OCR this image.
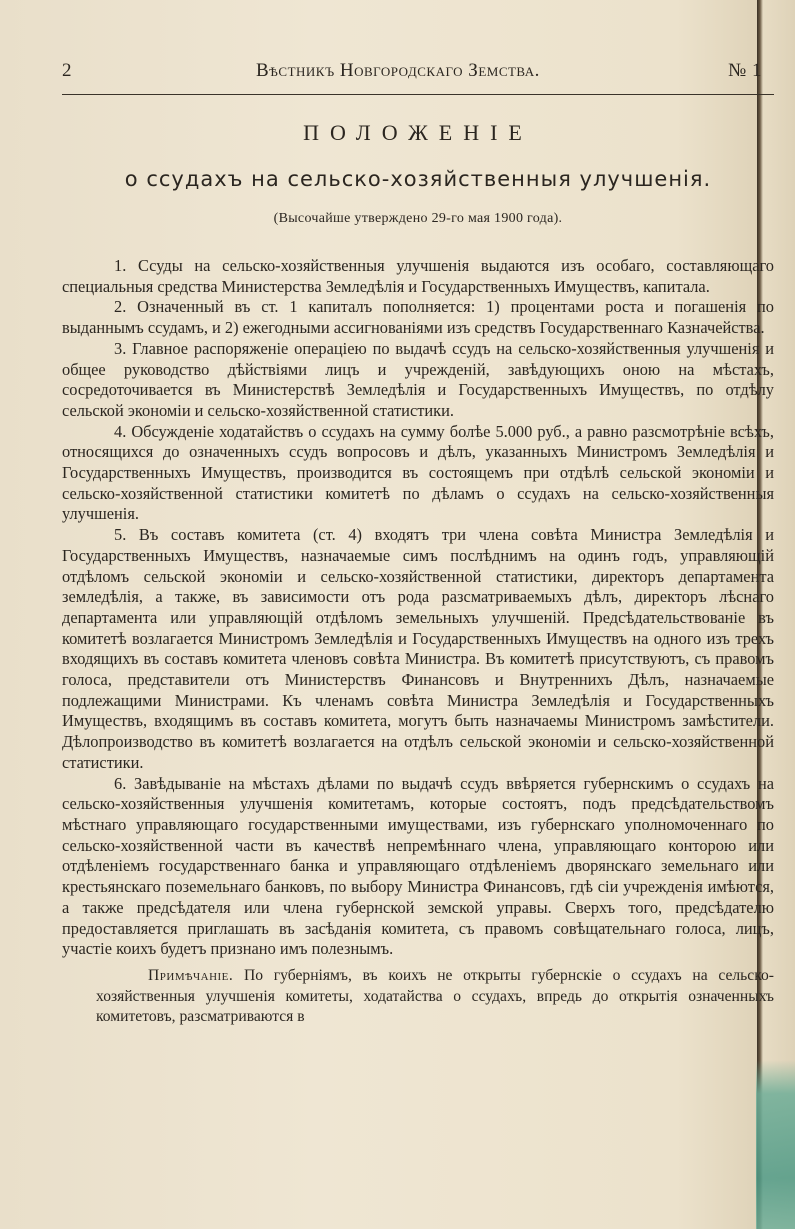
2	Вѣстникъ Новгородскаго Земства.	№ 1
ПОЛОЖЕНІЕ
о ссудахъ на сельско-хозяйственныя улучшенія.
(Высочайше утверждено 29-го мая 1900 года).

1. Ссуды на сельско-хозяйственныя улучшенія выдаются изъ особаго, составляющаго специальныя средства Министерства Земледѣлія и Государственныхъ Имуществъ, капитала.

2. Означенный въ ст. 1 капиталъ пополняется: 1) процентами роста и погашенія по выданнымъ ссудамъ, и 2) ежегодными ассигнованіями изъ средствъ Государственнаго Казначейства.

3. Главное распоряженіе операціею по выдачѣ ссудъ на сельско-хозяйственныя улучшенія и общее руководство дѣйствіями лицъ и учрежденій, завѣдующихъ оною на мѣстахъ, сосредоточивается въ Министерствѣ Земледѣлія и Государственныхъ Имуществъ, по отдѣлу сельской экономіи и сельско-хозяйственной статистики.

4. Обсужденіе ходатайствъ о ссудахъ на сумму болѣе 5.000 руб., а равно разсмотрѣніе всѣхъ, относящихся до означенныхъ ссудъ вопросовъ и дѣлъ, указанныхъ Министромъ Земледѣлія и Государственныхъ Имуществъ, производится въ состоящемъ при отдѣлѣ сельской экономіи и сельско-хозяйственной статистики комитетѣ по дѣламъ о ссудахъ на сельско-хозяйственныя улучшенія.

5. Въ составъ комитета (ст. 4) входятъ три члена совѣта Министра Земледѣлія и Государственныхъ Имуществъ, назначаемые симъ послѣднимъ на одинъ годъ, управляющій отдѣломъ сельской экономіи и сельско-хозяйственной статистики, директоръ департамента земледѣлія, а также, въ зависимости отъ рода разсматриваемыхъ дѣлъ, директоръ лѣснаго департамента или управляющій отдѣломъ земельныхъ улучшеній. Предсѣдательствованіе въ комитетѣ возлагается Министромъ Земледѣлія и Государственныхъ Имуществъ на одного изъ трехъ входящихъ въ составъ комитета членовъ совѣта Министра. Въ комитетѣ присутствуютъ, съ правомъ голоса, представители отъ Министерствъ Финансовъ и Внутреннихъ Дѣлъ, назначаемые подлежащими Министрами. Къ членамъ совѣта Министра Земледѣлія и Государственныхъ Имуществъ, входящимъ въ составъ комитета, могутъ быть назначаемы Министромъ замѣстители. Дѣлопроизводство въ комитетѣ возлагается на отдѣлъ сельской экономіи и сельско-хозяйственной статистики.

6. Завѣдываніе на мѣстахъ дѣлами по выдачѣ ссудъ ввѣряется губернскимъ о ссудахъ на сельско-хозяйственныя улучшенія комитетамъ, которые состоятъ, подъ предсѣдательствомъ мѣстнаго управляющаго государственными имуществами, изъ губернскаго уполномоченнаго по сельско-хозяйственной части въ качествѣ непремѣннаго члена, управляющаго конторою или отдѣленіемъ государственнаго банка и управляющаго отдѣленіемъ дворянскаго земельнаго или крестьянскаго поземельнаго банковъ, по выбору Министра Финансовъ, гдѣ сіи учрежденія имѣются, а также предсѣдателя или члена губернской земской управы. Сверхъ того, предсѣдателю предоставляется приглашать въ засѣданія комитета, съ правомъ совѣщательнаго голоса, лицъ, участіе коихъ будетъ признано имъ полезнымъ.

Примѣчаніе. По губерніямъ, въ коихъ не открыты губернскіе о ссудахъ на сельско-хозяйственныя улучшенія комитеты, ходатайства о ссудахъ, впредь до открытія означенныхъ комитетовъ, разсматриваются в
